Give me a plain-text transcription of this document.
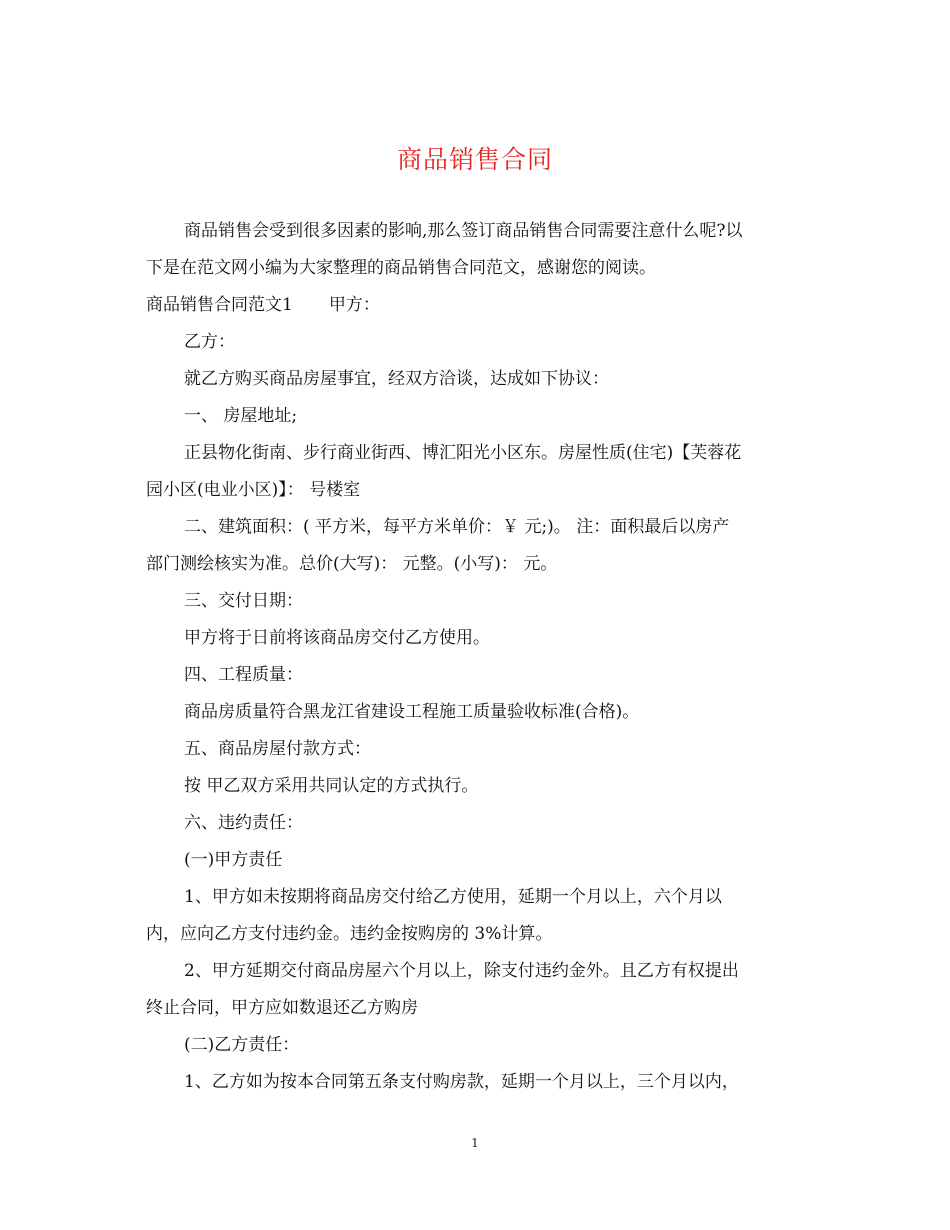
商品销售合同
商品销售会受到很多因素的影响,那么签订商品销售合同需要注意什么呢?以
下是在范文网小编为大家整理的商品销售合同范文，感谢您的阅读。
商品销售合同范文1 甲方：
乙方：
就乙方购买商品房屋事宜，经双方洽谈，达成如下协议：
一、 房屋地址;
正县物化街南、步行商业街西、博汇阳光小区东。房屋性质(住宅)【芙蓉花
园小区(电业小区)】： 号楼室
二、建筑面积：( 平方米，每平方米单价：￥ 元;)。 注：面积最后以房产
部门测绘核实为准。总价(大写)： 元整。(小写)： 元。
三、交付日期：
甲方将于日前将该商品房交付乙方使用。
四、工程质量：
商品房质量符合黑龙江省建设工程施工质量验收标准(合格)。
五、商品房屋付款方式：
按 甲乙双方采用共同认定的方式执行。
六、违约责任：
(一)甲方责任
1、甲方如未按期将商品房交付给乙方使用，延期一个月以上，六个月以
内，应向乙方支付违约金。违约金按购房的 3%计算。
2、甲方延期交付商品房屋六个月以上，除支付违约金外。且乙方有权提出
终止合同，甲方应如数退还乙方购房
(二)乙方责任：
1、乙方如为按本合同第五条支付购房款，延期一个月以上，三个月以内，
1
